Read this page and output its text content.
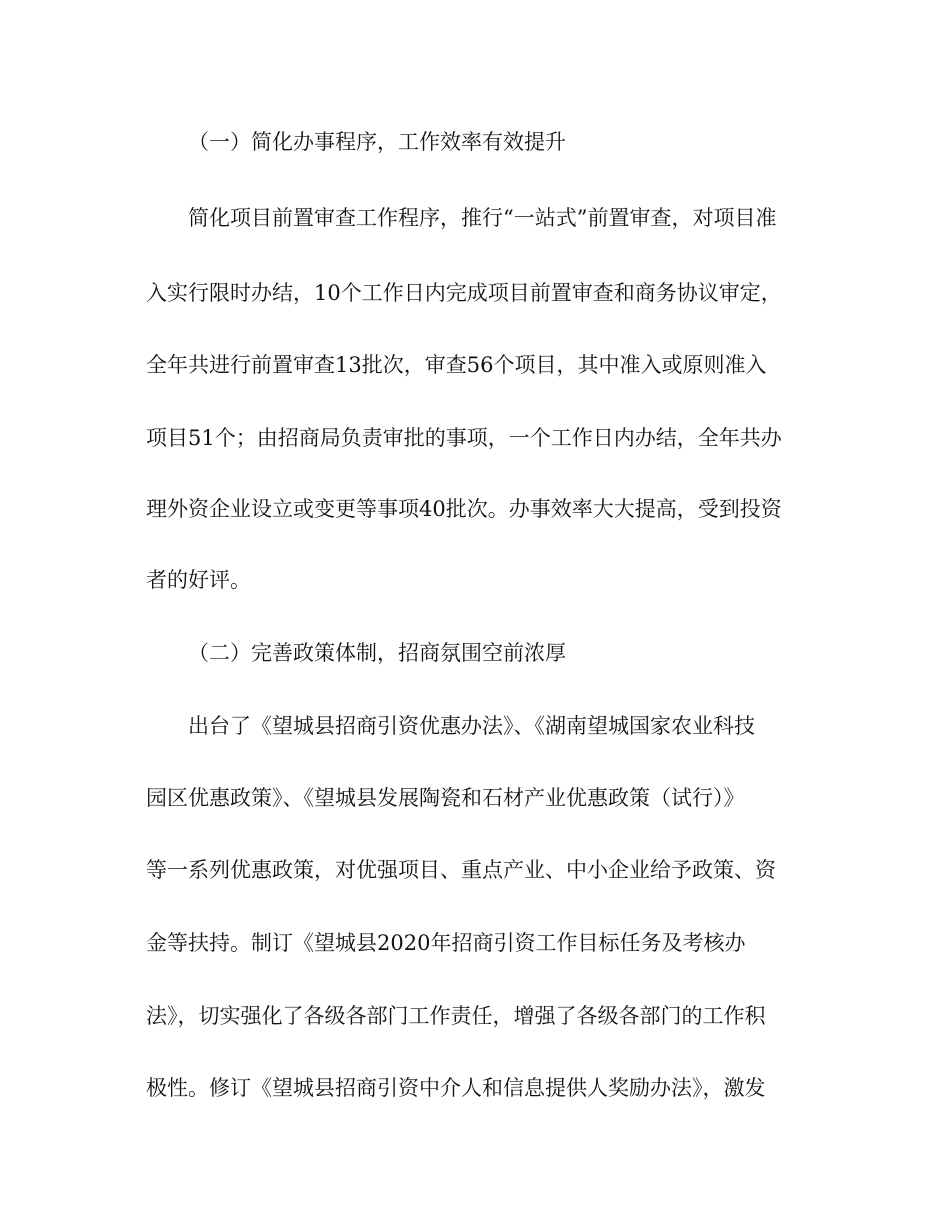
（一）简化办事程序，工作效率有效提升

简化项目前置审查工作程序，推行“一站式”前置审查，对项目准

入实行限时办结，10个工作日内完成项目前置审查和商务协议审定，

全年共进行前置审查13批次，审查56个项目，其中准入或原则准入

项目51个；由招商局负责审批的事项，一个工作日内办结，全年共办

理外资企业设立或变更等事项40批次。办事效率大大提高，受到投资

者的好评。

（二）完善政策体制，招商氛围空前浓厚

出台了《望城县招商引资优惠办法》、《湖南望城国家农业科技

园区优惠政策》、《望城县发展陶瓷和石材产业优惠政策（试行）》

等一系列优惠政策，对优强项目、重点产业、中小企业给予政策、资

金等扶持。制订《望城县2020年招商引资工作目标任务及考核办

法》，切实强化了各级各部门工作责任，增强了各级各部门的工作积

极性。修订《望城县招商引资中介人和信息提供人奖励办法》，激发
